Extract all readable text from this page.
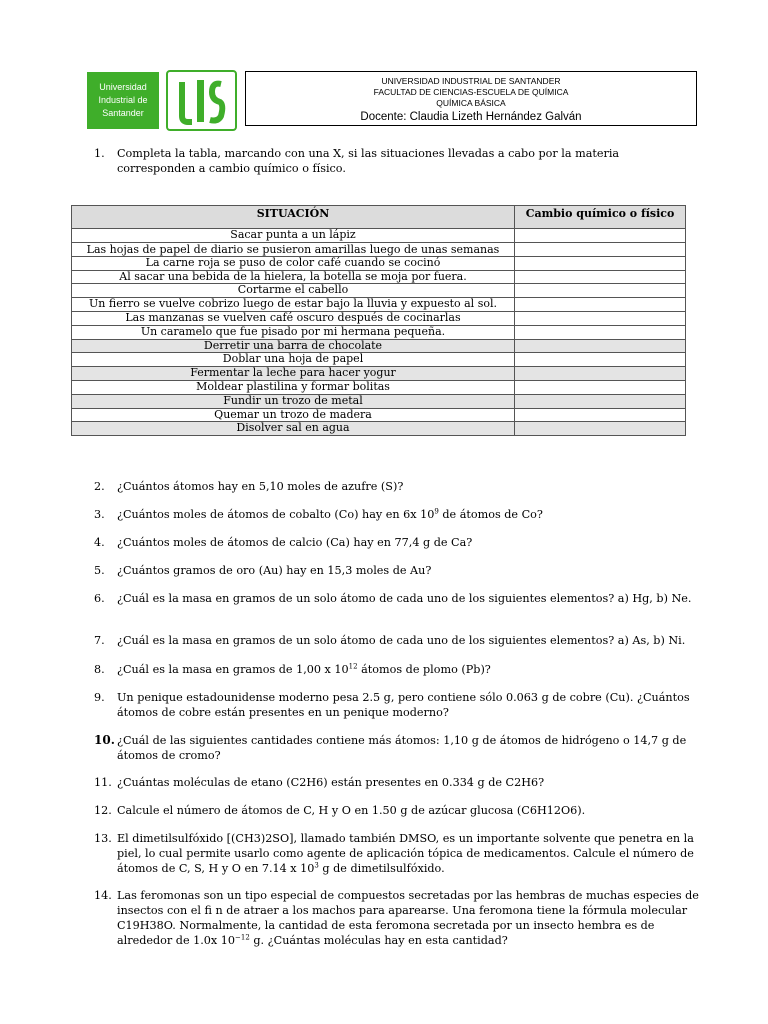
Universidad
Industrial de
Santander
UNIVERSIDAD INDUSTRIAL DE SANTANDER
FACULTAD DE CIENCIAS-ESCUELA DE QUÍMICA
QUÍMICA BÁSICA
Docente: Claudia Lizeth Hernández Galván
1.	Completa la tabla, marcando con una X, si las situaciones llevadas a cabo por la materia corresponden a cambio químico o físico.
SITUACIÓN	Cambio químico o físico
Sacar punta a un lápiz	
Las hojas de papel de diario se pusieron amarillas luego de unas semanas	
La carne roja se puso de color café cuando se cocinó	
Al sacar una bebida de la hielera, la botella se moja por fuera.	
Cortarme el cabello	
Un fierro se vuelve cobrizo luego de estar bajo la lluvia y expuesto al sol.	
Las manzanas se vuelven café oscuro después de cocinarlas	
Un caramelo que fue pisado por mi hermana pequeña.	
Derretir una barra de chocolate	
Doblar una hoja de papel	
Fermentar la leche para hacer yogur	
Moldear plastilina y formar bolitas	
Fundir un trozo de metal	
Quemar un trozo de madera	
Disolver sal en agua	
2.	¿Cuántos átomos hay en 5,10 moles de azufre (S)?
3.	¿Cuántos moles de átomos de cobalto (Co) hay en 6x $10^9$ de átomos de Co?
4.	¿Cuántos moles de átomos de calcio (Ca) hay en 77,4 g de Ca?
5.	¿Cuántos gramos de oro (Au) hay en 15,3 moles de Au?
6.	¿Cuál es la masa en gramos de un solo átomo de cada uno de los siguientes elementos? a) Hg, b) Ne.
7.	¿Cuál es la masa en gramos de un solo átomo de cada uno de los siguientes elementos? a) As, b) Ni.
8.	¿Cuál es la masa en gramos de 1,00 x $10^{12}$ átomos de plomo (Pb)?
9.	Un penique estadounidense moderno pesa 2.5 g, pero contiene sólo 0.063 g de cobre (Cu). ¿Cuántos átomos de cobre están presentes en un penique moderno?
10. ¿Cuál de las siguientes cantidades contiene más átomos: 1,10 g de átomos de hidrógeno o 14,7 g de átomos de cromo?
11. ¿Cuántas moléculas de etano (C2H6) están presentes en 0.334 g de C2H6?
12. Calcule el número de átomos de C, H y O en 1.50 g de azúcar glucosa (C6H12O6).
13. El dimetilsulfóxido [(CH3)2SO], llamado también DMSO, es un importante solvente que penetra en la piel, lo cual permite usarlo como agente de aplicación tópica de medicamentos. Calcule el número de átomos de C, S, H y O en 7.14 x $10^3$ g de dimetilsulfóxido.
14. Las feromonas son un tipo especial de compuestos secretadas por las hembras de muchas especies de insectos con el fi n de atraer a los machos para aparearse. Una feromona tiene la fórmula molecular C19H38O. Normalmente, la cantidad de esta feromona secretada por un insecto hembra es de alrededor de 1.0x $10^{-12}$ g. ¿Cuántas moléculas hay en esta cantidad?
